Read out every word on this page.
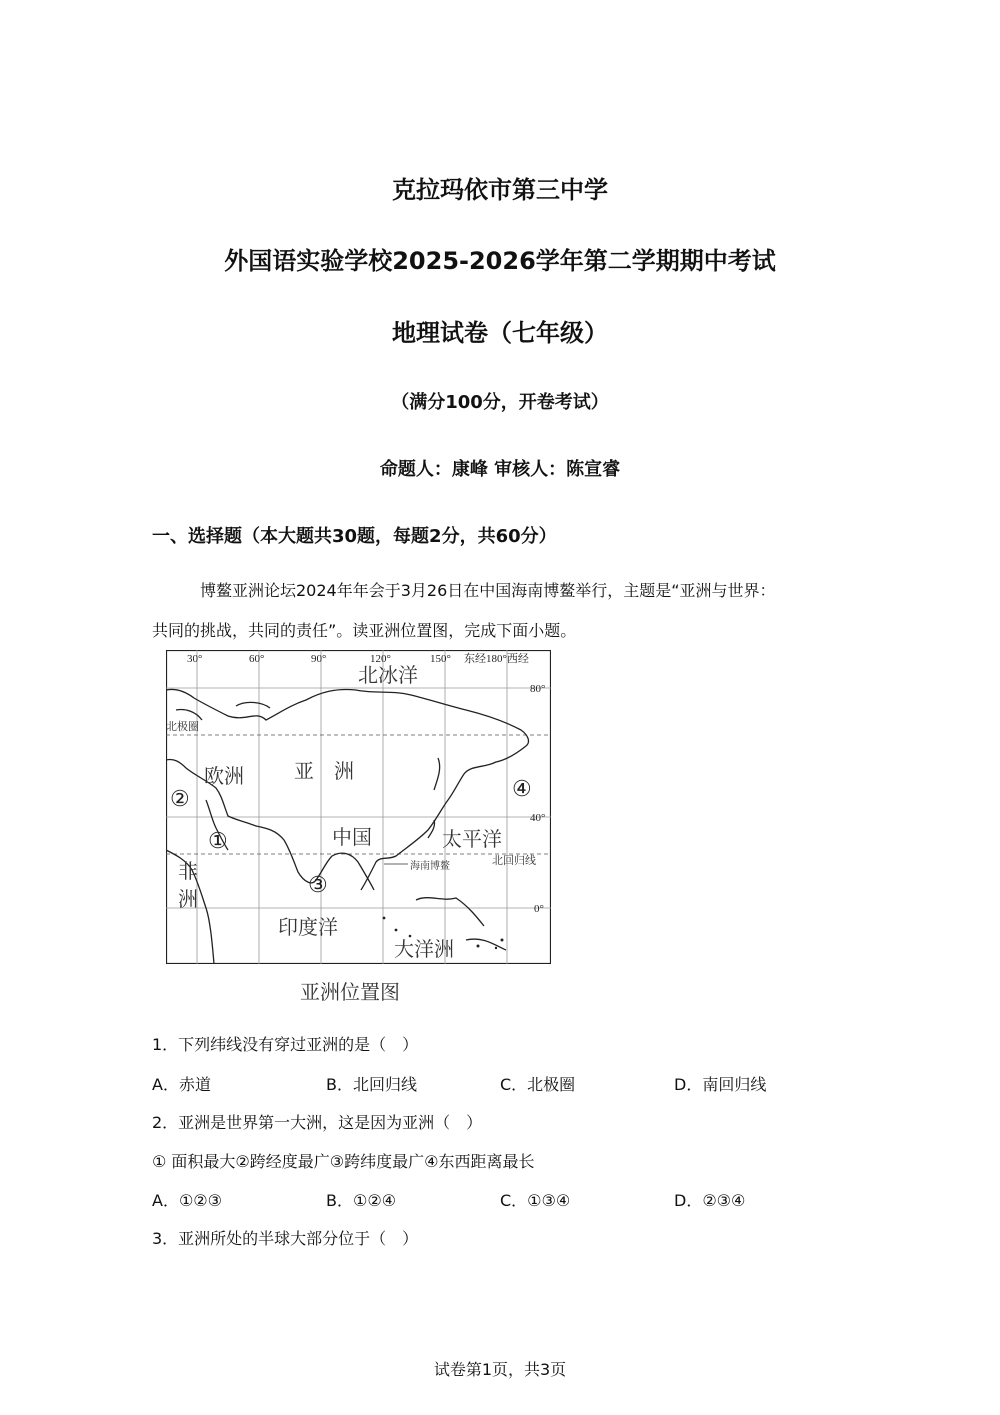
克拉玛依市第三中学
外国语实验学校2025-2026学年第二学期期中考试
地理试卷（七年级）
（满分100分，开卷考试）
命题人：康峰 审核人：陈宣睿
一、选择题（本大题共30题，每题2分，共60分）
博鳌亚洲论坛2024年年会于3月26日在中国海南博鳌举行，主题是“亚洲与世界：
共同的挑战，共同的责任”。读亚洲位置图，完成下面小题。
30°	60°	90°	120°	150° 东经180°西经
80°
40°
0°
北冰洋
欧洲	亚　洲
中国	太平洋
非
洲
印度洋
大洋洲
北极圈
北回归线
海南博鳌
①
②
③
④
亚洲位置图
1．下列纬线没有穿过亚洲的是（　）
A．赤道	B．北回归线	C．北极圈	D．南回归线
2．亚洲是世界第一大洲，这是因为亚洲（　）
① 面积最大②跨经度最广③跨纬度最广④东西距离最长
A．①②③	B．①②④	C．①③④	D．②③④
3．亚洲所处的半球大部分位于（　）
试卷第1页，共3页
